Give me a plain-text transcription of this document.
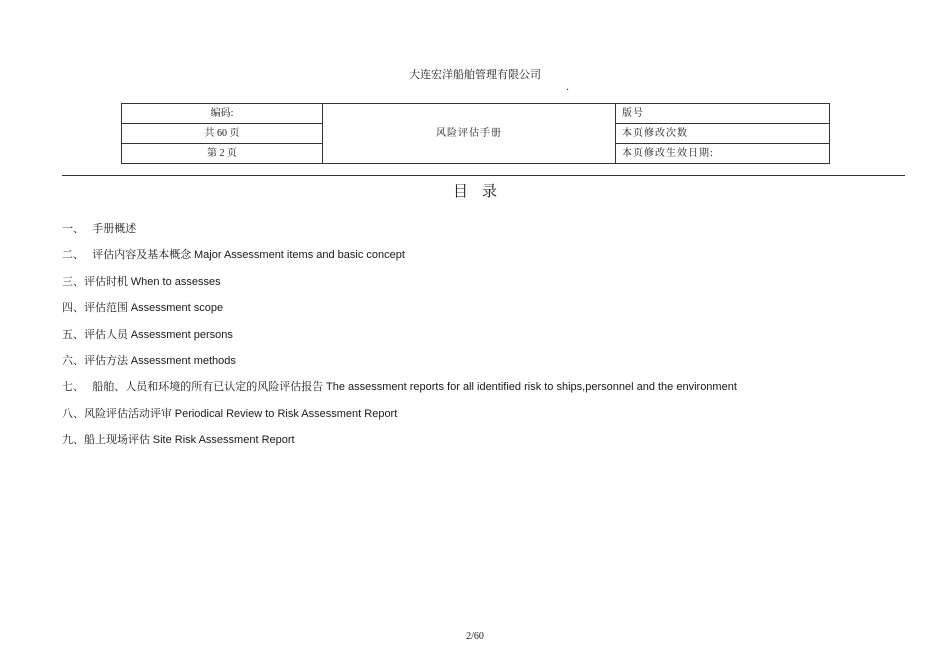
大连宏洋船舶管理有限公司
.
编码:	风险评估手册	版号
共 60 页		本页修改次数
第 2 页		本页修改生效日期:
目录
一、 手册概述
二、 评估内容及基本概念 Major Assessment items and basic concept
三、评估时机 When to assesses
四、评估范围 Assessment scope
五、评估人员 Assessment persons
六、评估方法 Assessment methods
七、 船舶、人员和环境的所有已认定的风险评估报告 The assessment reports for all identified risk to ships,personnel and the environment
八、风险评估活动评审 Periodical Review to Risk Assessment Report
九、船上现场评估 Site Risk Assessment Report
2/60
